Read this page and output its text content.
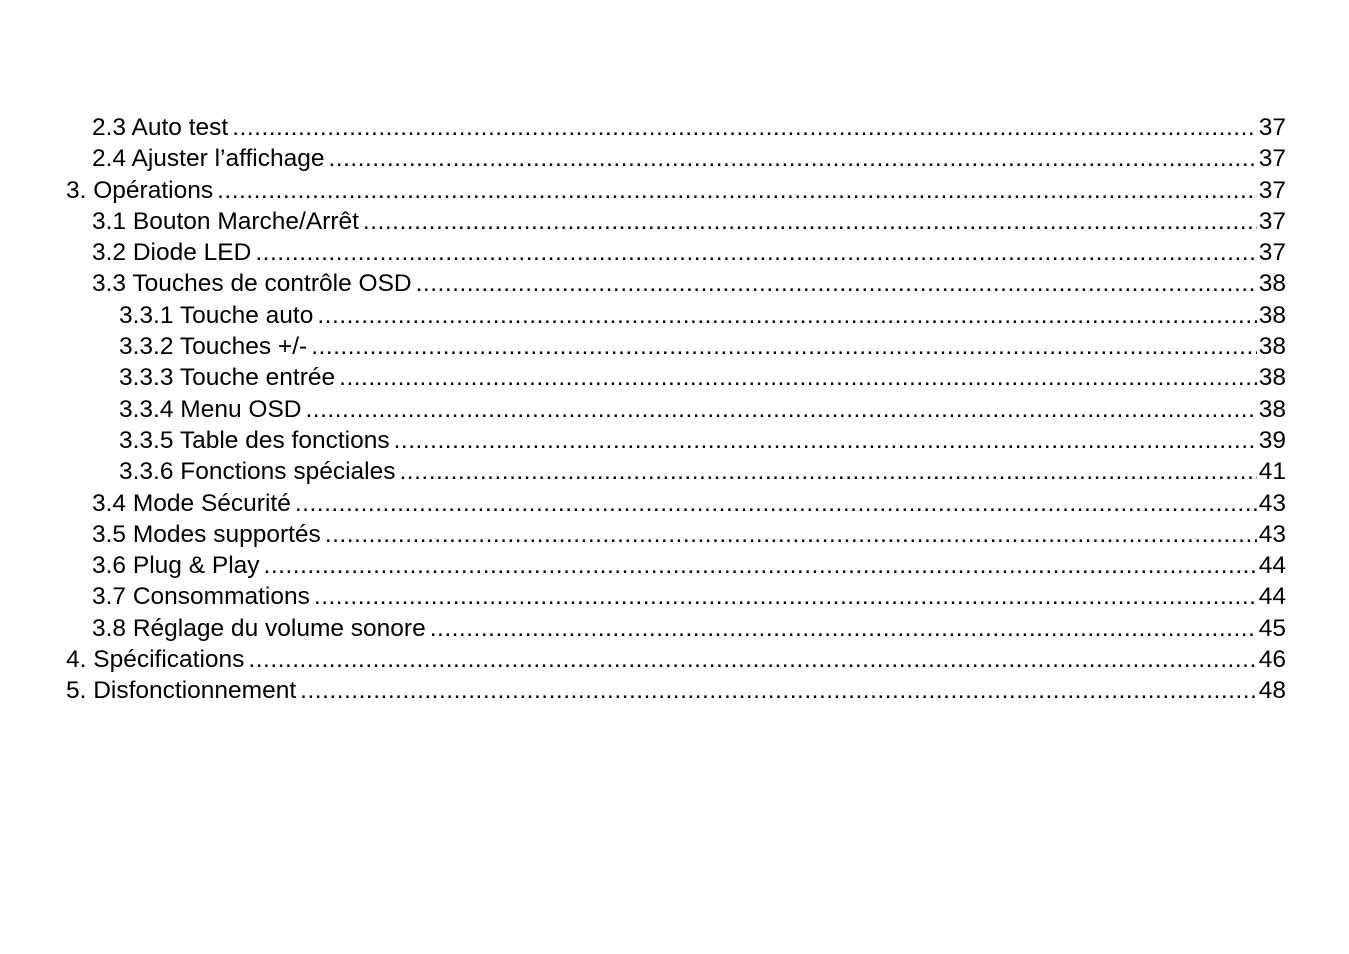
2.3 Auto test .....	37
2.4 Ajuster l’affichage .....	37
3. Opérations .....	37
3.1 Bouton Marche/Arrêt .....	37
3.2 Diode LED .....	37
3.3 Touches de contrôle OSD .....	38
3.3.1 Touche auto .....	38
3.3.2 Touches +/- .....	38
3.3.3 Touche entrée .....	38
3.3.4 Menu OSD .....	38
3.3.5 Table des fonctions .....	39
3.3.6 Fonctions spéciales .....	41
3.4 Mode Sécurité .....	43
3.5 Modes supportés .....	43
3.6 Plug & Play .....	44
3.7 Consommations .....	44
3.8 Réglage du volume sonore .....	45
4. Spécifications .....	46
5. Disfonctionnement .....	48
